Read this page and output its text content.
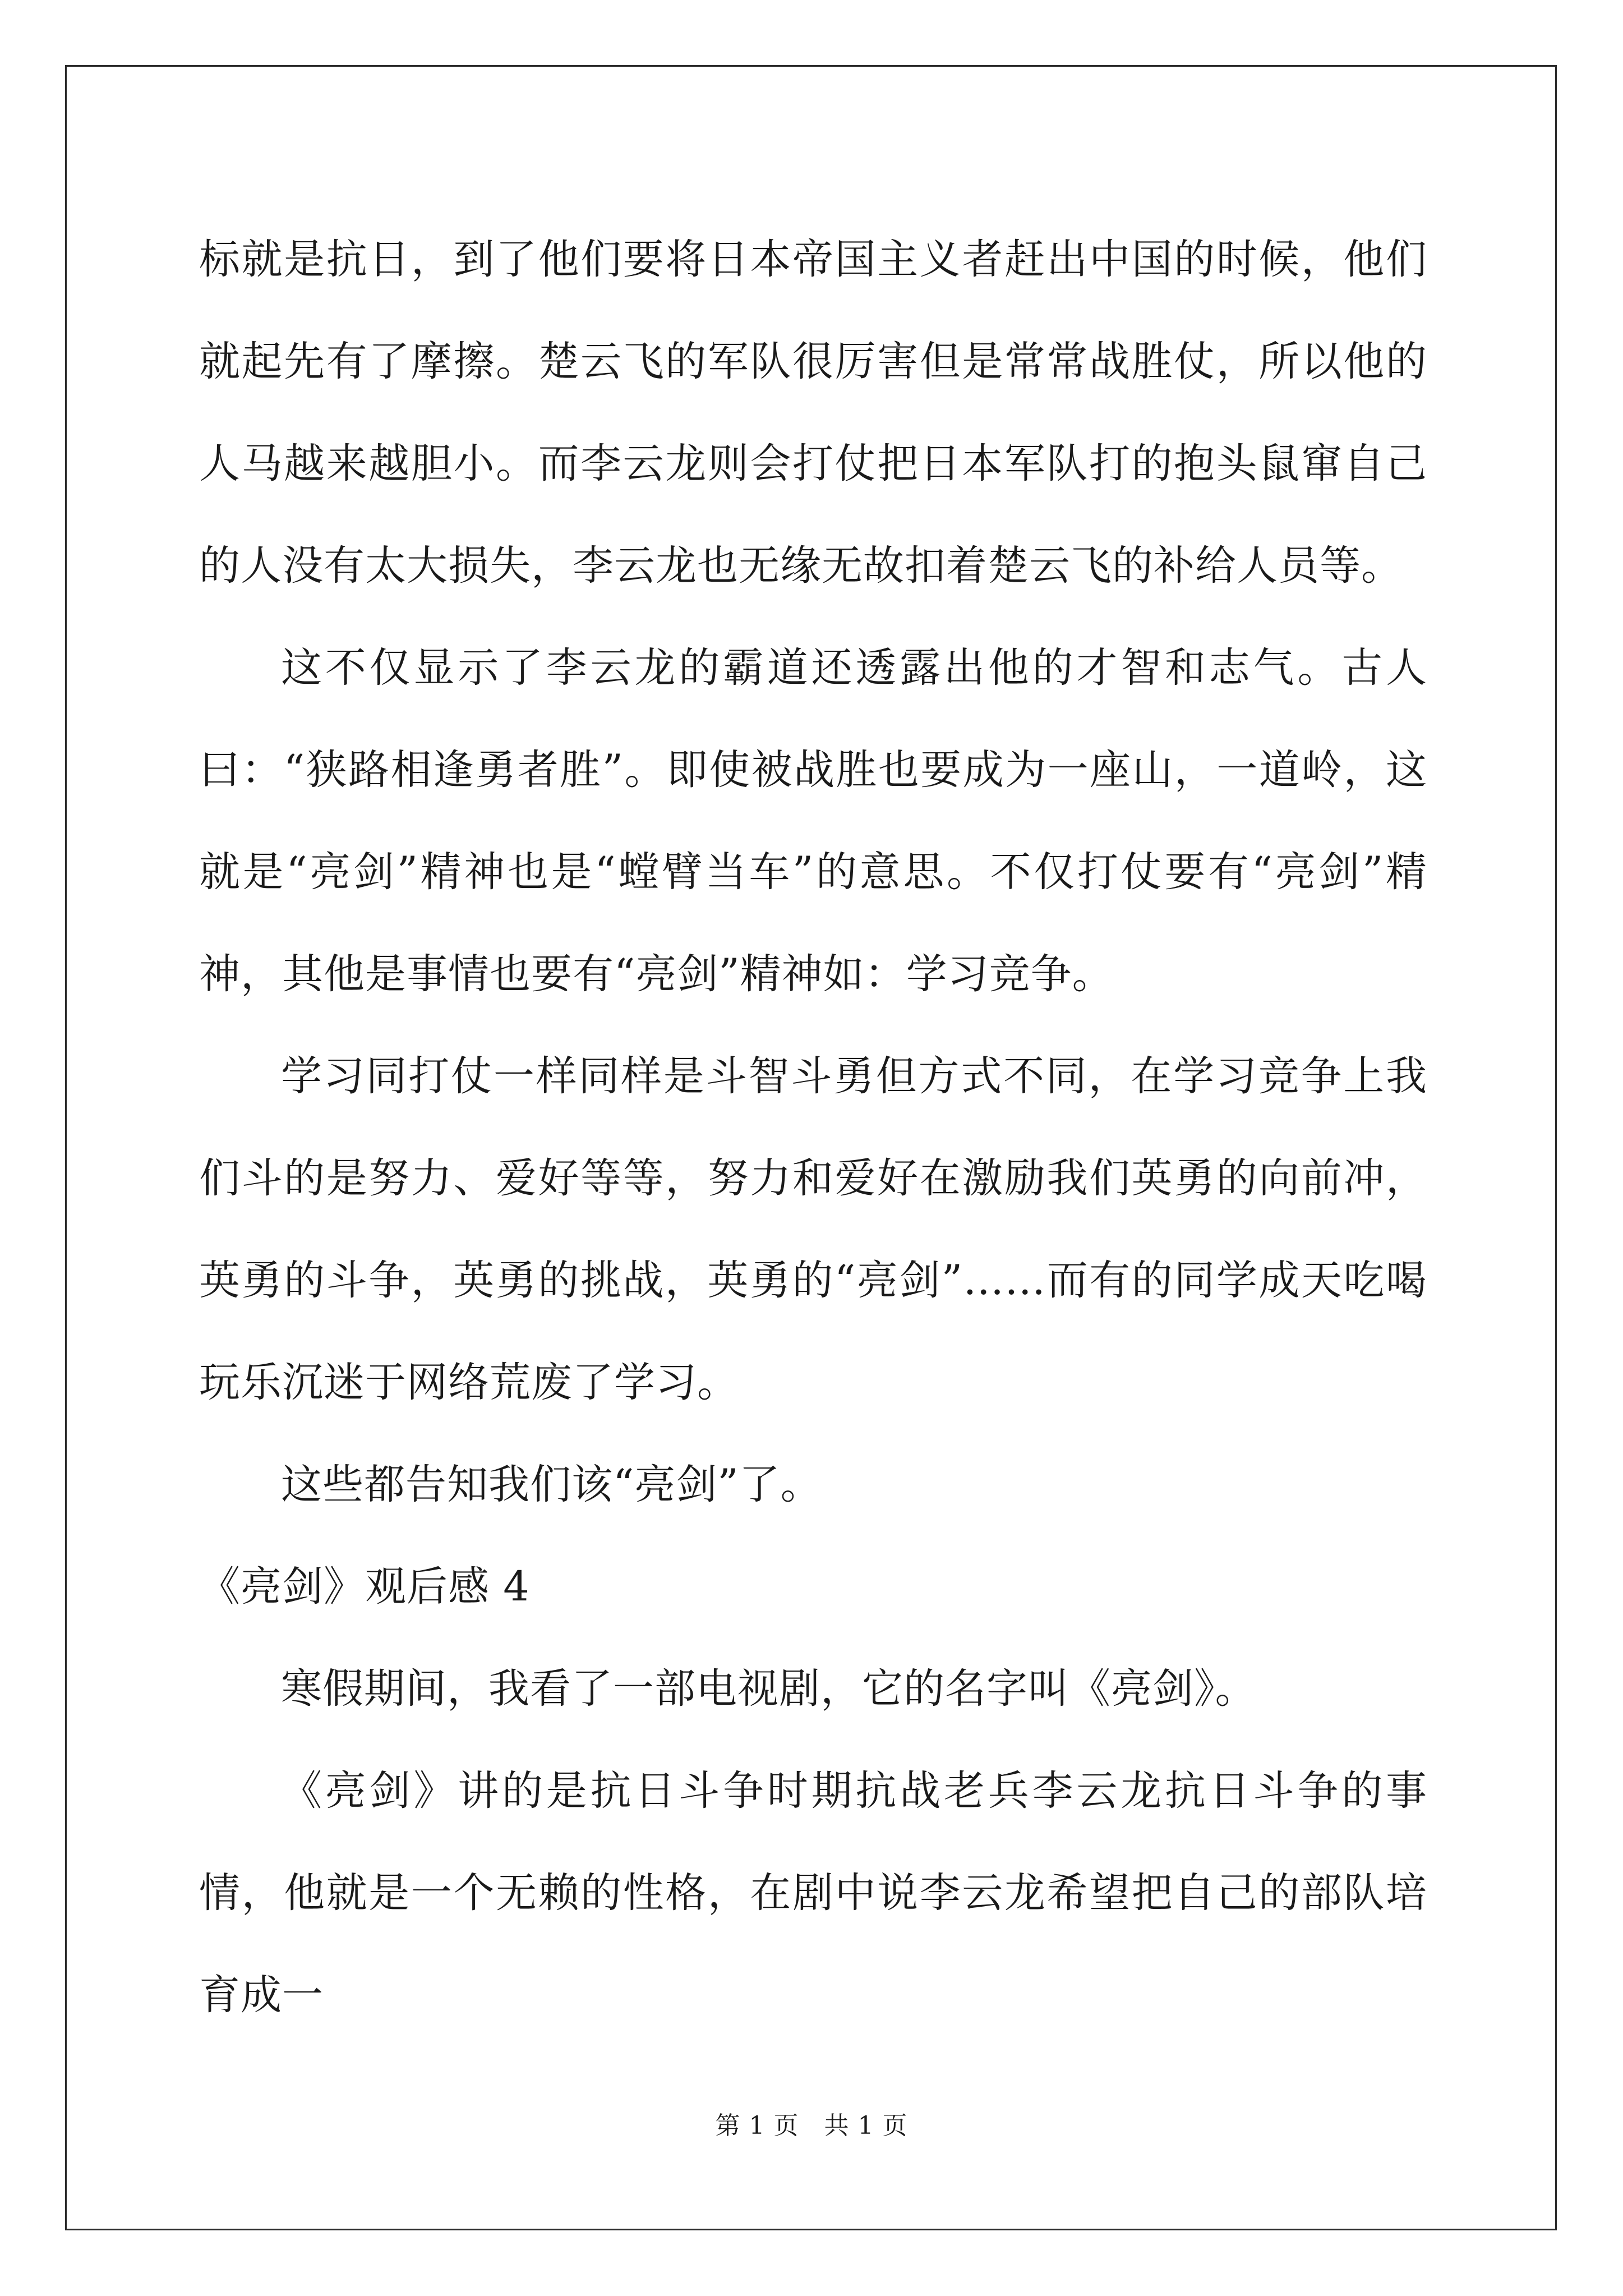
标就是抗日，到了他们要将日本帝国主义者赶出中国的时候，他们就起先有了摩擦。楚云飞的军队很厉害但是常常战胜仗，所以他的人马越来越胆小。而李云龙则会打仗把日本军队打的抱头鼠窜自己的人没有太大损失，李云龙也无缘无故扣着楚云飞的补给人员等。

这不仅显示了李云龙的霸道还透露出他的才智和志气。古人曰：“狭路相逢勇者胜”。即使被战胜也要成为一座山，一道岭，这就是“亮剑”精神也是“螳臂当车”的意思。不仅打仗要有“亮剑”精神，其他是事情也要有“亮剑”精神如：学习竞争。

学习同打仗一样同样是斗智斗勇但方式不同，在学习竞争上我们斗的是努力、爱好等等，努力和爱好在激励我们英勇的向前冲，英勇的斗争，英勇的挑战，英勇的“亮剑”……而有的同学成天吃喝玩乐沉迷于网络荒废了学习。

这些都告知我们该“亮剑”了。

《亮剑》观后感 4

寒假期间，我看了一部电视剧，它的名字叫《亮剑》。

《亮剑》讲的是抗日斗争时期抗战老兵李云龙抗日斗争的事情，他就是一个无赖的性格，在剧中说李云龙希望把自己的部队培育成一

第 1 页　共 1 页
